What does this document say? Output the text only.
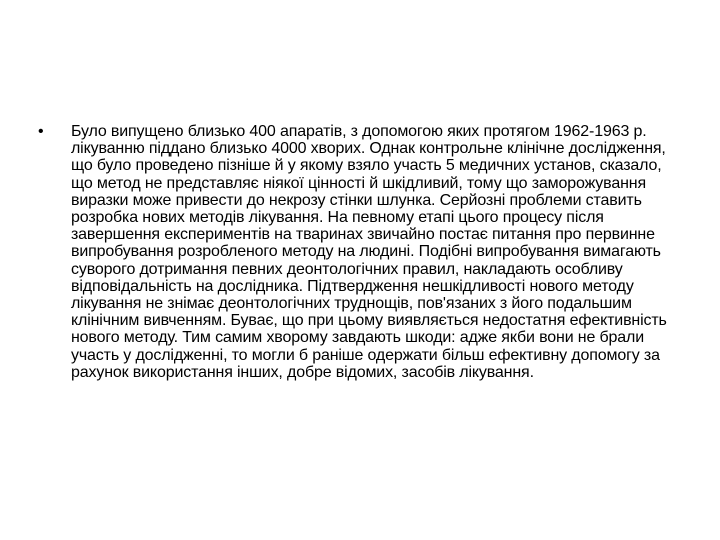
• Було випущено близько 400 апаратів, з допомогою яких протягом 1962-1963 р. лікуванню піддано близько 4000 хворих. Однак контрольне клінічне дослідження, що було проведено пізніше й у якому взяло участь 5 медичних установ, сказало, що метод не представляє ніякої цінності й шкідливий, тому що заморожування виразки може привести до некрозу стінки шлунка. Серйозні проблеми ставить розробка нових методів лікування. На певному етапі цього процесу після завершення експериментів на тваринах звичайно постає питання про первинне випробування розробленого методу на людині. Подібні випробування вимагають суворого дотримання певних деонтологічних правил, накладають особливу відповідальність на дослідника. Підтвердження нешкідливості нового методу лікування не знімає деонтологічних труднощів, пов'язаних з його подальшим клінічним вивченням. Буває, що при цьому виявляється недостатня ефективність нового методу. Тим самим хворому завдають шкоди: адже якби вони не брали участь у дослідженні, то могли б раніше одержати більш ефективну допомогу за рахунок використання інших, добре відомих, засобів лікування.
